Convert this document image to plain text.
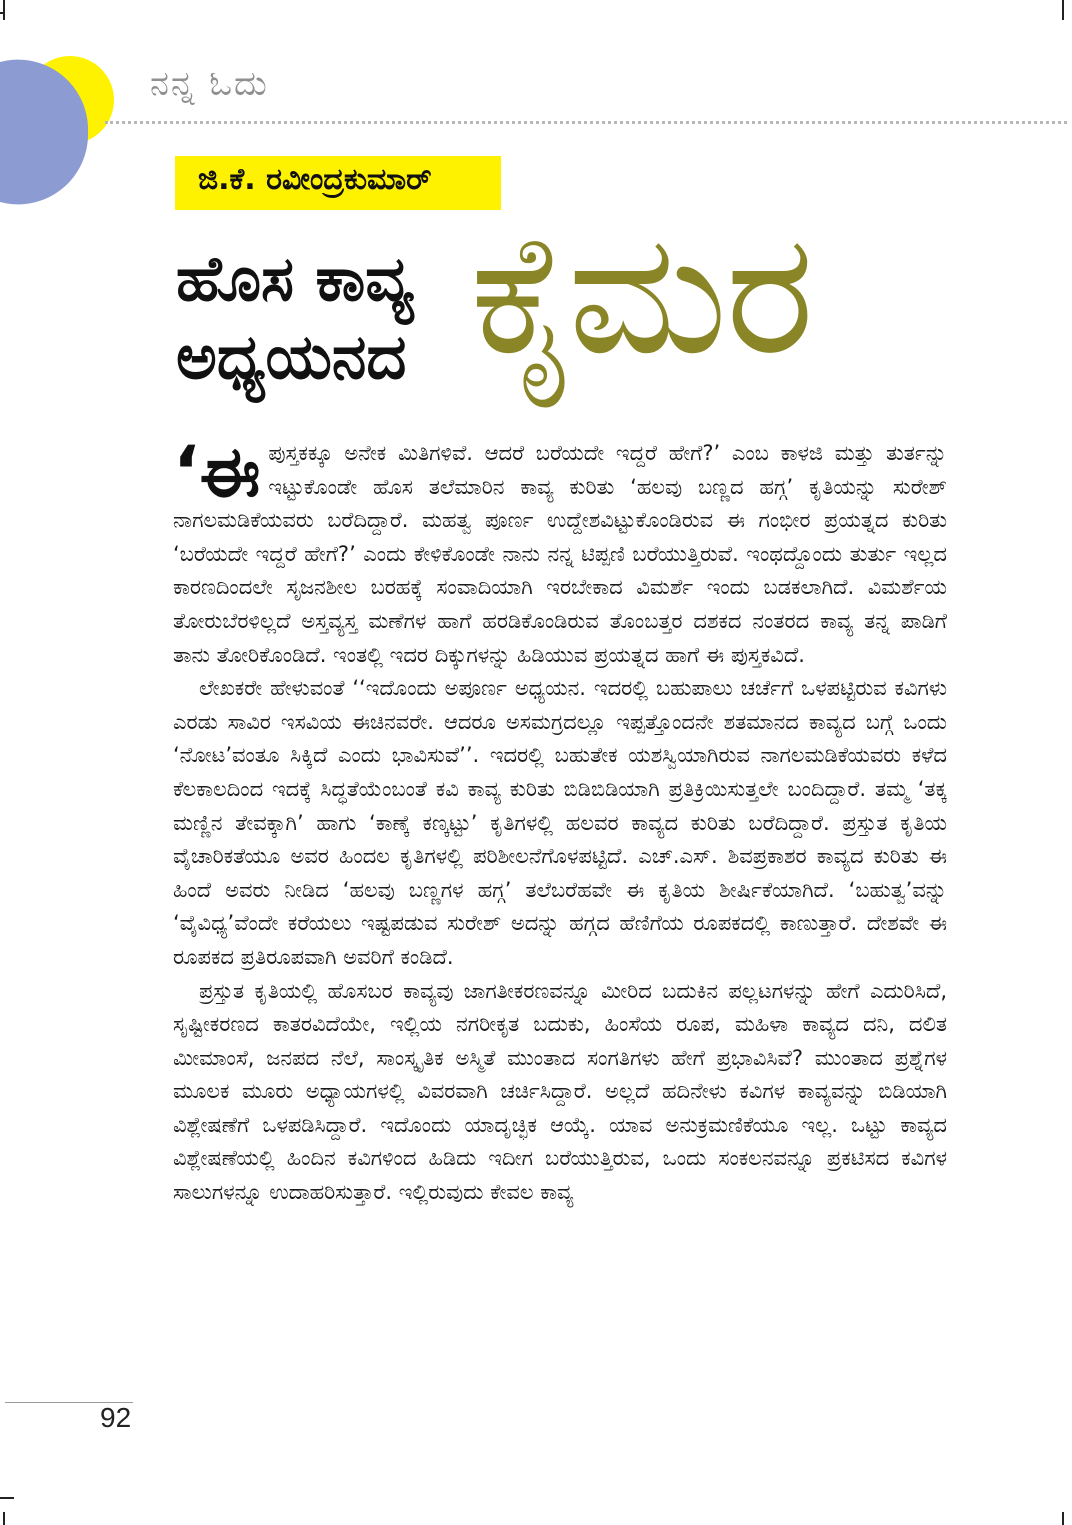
ನನ್ನ ಓದು
ಜಿ.ಕೆ. ರವೀಂದ್ರಕುಮಾರ್
ಹೊಸ ಕಾವ್ಯ
ಅಧ್ಯಯನದ ಕೈಮರ

‘ಈಪುಸ್ತಕಕ್ಕೂ ಅನೇಕ ಮಿತಿಗಳಿವೆ. ಆದರೆ ಬರೆಯದೇ ಇದ್ದರೆ ಹೇಗೆ?’ ಎಂಬ ಕಾಳಜಿ ಮತ್ತು ತುರ್ತನ್ನು ಇಟ್ಟುಕೊಂಡೇ ಹೊಸ ತಲೆಮಾರಿನ ಕಾವ್ಯ ಕುರಿತು ‘ಹಲವು ಬಣ್ಣದ ಹಗ್ಗ’ ಕೃತಿಯನ್ನು ಸುರೇಶ್ ನಾಗಲಮಡಿಕೆಯವರು ಬರೆದಿದ್ದಾರೆ. ಮಹತ್ವ ಪೂರ್ಣ ಉದ್ದೇಶವಿಟ್ಟುಕೊಂಡಿರುವ ಈ ಗಂಭೀರ ಪ್ರಯತ್ನದ ಕುರಿತು ‘ಬರೆಯದೇ ಇದ್ದರೆ ಹೇಗೆ?’ ಎಂದು ಕೇಳಿಕೊಂಡೇ ನಾನು ನನ್ನ ಟಿಪ್ಪಣಿ ಬರೆಯುತ್ತಿರುವೆ. ಇಂಥದ್ದೊಂದು ತುರ್ತು ಇಲ್ಲದ ಕಾರಣದಿಂದಲೇ ಸೃಜನಶೀಲ ಬರಹಕ್ಕೆ ಸಂವಾದಿಯಾಗಿ ಇರಬೇಕಾದ ವಿಮರ್ಶೆ ಇಂದು ಬಡಕಲಾಗಿದೆ. ವಿಮರ್ಶೆಯ ತೋರುಬೆರಳಿಲ್ಲದೆ ಅಸ್ತವ್ಯಸ್ತ ಮಣೆಗಳ ಹಾಗೆ ಹರಡಿಕೊಂಡಿರುವ ತೊಂಬತ್ತರ ದಶಕದ ನಂತರದ ಕಾವ್ಯ ತನ್ನ ಪಾಡಿಗೆ ತಾನು ತೋರಿಕೊಂಡಿದೆ. ಇಂತಲ್ಲಿ ಇದರ ದಿಕ್ಕುಗಳನ್ನು ಹಿಡಿಯುವ ಪ್ರಯತ್ನದ ಹಾಗೆ ಈ ಪುಸ್ತಕವಿದೆ.

ಲೇಖಕರೇ ಹೇಳುವಂತೆ ‘‘ಇದೊಂದು ಅಪೂರ್ಣ ಅಧ್ಯಯನ. ಇದರಲ್ಲಿ ಬಹುಪಾಲು ಚರ್ಚೆಗೆ ಒಳಪಟ್ಟಿರುವ ಕವಿಗಳು ಎರಡು ಸಾವಿರ ಇಸವಿಯ ಈಚಿನವರೇ. ಆದರೂ ಅಸಮಗ್ರದಲ್ಲೂ ಇಪ್ಪತ್ತೊಂದನೇ ಶತಮಾನದ ಕಾವ್ಯದ ಬಗ್ಗೆ ಒಂದು ‘ನೋಟ’ವಂತೂ ಸಿಕ್ಕಿದೆ ಎಂದು ಭಾವಿಸುವೆ’’. ಇದರಲ್ಲಿ ಬಹುತೇಕ ಯಶಸ್ವಿಯಾಗಿರುವ ನಾಗಲಮಡಿಕೆಯವರು ಕಳೆದ ಕೆಲಕಾಲದಿಂದ ಇದಕ್ಕೆ ಸಿದ್ಧತೆಯೆಂಬಂತೆ ಕವಿ ಕಾವ್ಯ ಕುರಿತು ಬಿಡಿಬಿಡಿಯಾಗಿ ಪ್ರತಿಕ್ರಿಯಿಸುತ್ತಲೇ ಬಂದಿದ್ದಾರೆ. ತಮ್ಮ ‘ತಕ್ಕ ಮಣ್ಣಿನ ತೇವಕ್ಕಾಗಿ’ ಹಾಗು ‘ಕಾಣ್ಕೆ ಕಣ್ಕಟ್ಟು’ ಕೃತಿಗಳಲ್ಲಿ ಹಲವರ ಕಾವ್ಯದ ಕುರಿತು ಬರೆದಿದ್ದಾರೆ. ಪ್ರಸ್ತುತ ಕೃತಿಯ ವೈಚಾರಿಕತೆಯೂ ಅವರ ಹಿಂದಲ ಕೃತಿಗಳಲ್ಲಿ ಪರಿಶೀಲನೆಗೊಳಪಟ್ಟಿದೆ. ಎಚ್.ಎಸ್. ಶಿವಪ್ರಕಾಶರ ಕಾವ್ಯದ ಕುರಿತು ಈ ಹಿಂದೆ ಅವರು ನೀಡಿದ ‘ಹಲವು ಬಣ್ಣಗಳ ಹಗ್ಗ’ ತಲೆಬರೆಹವೇ ಈ ಕೃತಿಯ ಶೀರ್ಷಿಕೆಯಾಗಿದೆ. ‘ಬಹುತ್ವ’ವನ್ನು ‘ವೈವಿಧ್ಯ’ವೆಂದೇ ಕರೆಯಲು ಇಷ್ಟಪಡುವ ಸುರೇಶ್ ಅದನ್ನು ಹಗ್ಗದ ಹೆಣಿಗೆಯ ರೂಪಕದಲ್ಲಿ ಕಾಣುತ್ತಾರೆ. ದೇಶವೇ ಈ ರೂಪಕದ ಪ್ರತಿರೂಪವಾಗಿ ಅವರಿಗೆ ಕಂಡಿದೆ.

ಪ್ರಸ್ತುತ ಕೃತಿಯಲ್ಲಿ ಹೊಸಬರ ಕಾವ್ಯವು ಜಾಗತೀಕರಣವನ್ನೂ ಮೀರಿದ ಬದುಕಿನ ಪಲ್ಲಟಗಳನ್ನು ಹೇಗೆ ಎದುರಿಸಿದೆ, ಸೃಷ್ಟೀಕರಣದ ಕಾತರವಿದೆಯೇ, ಇಲ್ಲಿಯ ನಗರೀಕೃತ ಬದುಕು, ಹಿಂಸೆಯ ರೂಪ, ಮಹಿಳಾ ಕಾವ್ಯದ ದನಿ, ದಲಿತ ಮೀಮಾಂಸೆ, ಜನಪದ ನೆಲೆ, ಸಾಂಸ್ಕೃತಿಕ ಅಸ್ಮಿತೆ ಮುಂತಾದ ಸಂಗತಿಗಳು ಹೇಗೆ ಪ್ರಭಾವಿಸಿವೆ? ಮುಂತಾದ ಪ್ರಶ್ನೆಗಳ ಮೂಲಕ ಮೂರು ಅಧ್ಯಾಯಗಳಲ್ಲಿ ವಿವರವಾಗಿ ಚರ್ಚಿಸಿದ್ದಾರೆ. ಅಲ್ಲದೆ ಹದಿನೇಳು ಕವಿಗಳ ಕಾವ್ಯವನ್ನು ಬಿಡಿಯಾಗಿ ವಿಶ್ಲೇಷಣೆಗೆ ಒಳಪಡಿಸಿದ್ದಾರೆ. ಇದೊಂದು ಯಾದೃಚ್ಛಿಕ ಆಯ್ಕೆ. ಯಾವ ಅನುಕ್ರಮಣಿಕೆಯೂ ಇಲ್ಲ. ಒಟ್ಟು ಕಾವ್ಯದ ವಿಶ್ಲೇಷಣೆಯಲ್ಲಿ ಹಿಂದಿನ ಕವಿಗಳಿಂದ ಹಿಡಿದು ಇದೀಗ ಬರೆಯುತ್ತಿರುವ, ಒಂದು ಸಂಕಲನವನ್ನೂ ಪ್ರಕಟಿಸದ ಕವಿಗಳ ಸಾಲುಗಳನ್ನೂ ಉದಾಹರಿಸುತ್ತಾರೆ. ಇಲ್ಲಿರುವುದು ಕೇವಲ ಕಾವ್ಯ

92
